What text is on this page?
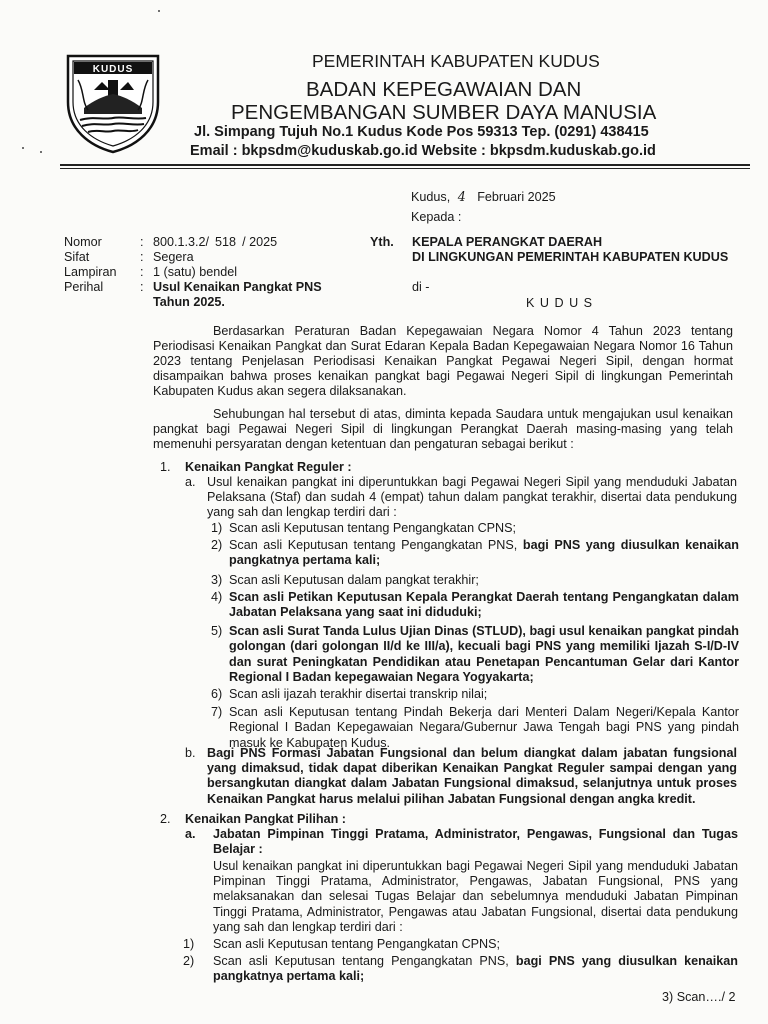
KUDUS	PEMERINTAH KABUPATEN KUDUS
BADAN KEPEGAWAIAN DAN
PENGEMBANGAN SUMBER DAYA MANUSIA
Jl. Simpang Tujuh No.1 Kudus Kode Pos 59313 Tep. (0291) 438415
Email : bkpsdm@kuduskab.go.id Website : bkpsdm.kuduskab.go.id
Kudus, 4 Februari 2025
Kepada :
Nomor	: 800.1.3.2/  518  / 2025
Sifat	: Segera
Lampiran : 1 (satu) bendel
Perihal	: Usul Kenaikan Pangkat PNS
Tahun 2025.
Yth. KEPALA PERANGKAT DAERAH
DI LINGKUNGAN PEMERINTAH KABUPATEN KUDUS
di -
K U D U S
Berdasarkan Peraturan Badan Kepegawaian Negara Nomor 4 Tahun 2023 tentang
Periodisasi Kenaikan Pangkat dan Surat Edaran Kepala Badan Kepegawaian Negara Nomor 16 Tahun
2023 tentang Penjelasan Periodisasi Kenaikan Pangkat Pegawai Negeri Sipil, dengan hormat
disampaikan bahwa proses kenaikan pangkat bagi Pegawai Negeri Sipil di lingkungan Pemerintah
Kabupaten Kudus akan segera dilaksanakan.
Sehubungan hal tersebut di atas, diminta kepada Saudara untuk mengajukan usul kenaikan
pangkat bagi Pegawai Negeri Sipil di lingkungan Perangkat Daerah masing-masing yang telah
memenuhi persyaratan dengan ketentuan dan pengaturan sebagai berikut :
1. Kenaikan Pangkat Reguler :
a. Usul kenaikan pangkat ini diperuntukkan bagi Pegawai Negeri Sipil yang menduduki Jabatan
Pelaksana (Staf) dan sudah 4 (empat) tahun dalam pangkat terakhir, disertai data pendukung
yang sah dan lengkap terdiri dari :
1) Scan asli Keputusan tentang Pengangkatan CPNS;
2) Scan asli Keputusan tentang Pengangkatan PNS, bagi PNS yang diusulkan kenaikan
pangkatnya pertama kali;
3) Scan asli Keputusan dalam pangkat terakhir;
4) Scan asli Petikan Keputusan Kepala Perangkat Daerah tentang Pengangkatan dalam
Jabatan Pelaksana yang saat ini diduduki;
5) Scan asli Surat Tanda Lulus Ujian Dinas (STLUD), bagi usul kenaikan pangkat pindah
golongan (dari golongan II/d ke III/a), kecuali bagi PNS yang memiliki Ijazah S-I/D-IV
dan surat Peningkatan Pendidikan atau Penetapan Pencantuman Gelar dari Kantor
Regional I Badan kepegawaian Negara Yogyakarta;
6) Scan asli ijazah terakhir disertai transkrip nilai;
7) Scan asli Keputusan tentang Pindah Bekerja dari Menteri Dalam Negeri/Kepala Kantor
Regional I Badan Kepegawaian Negara/Gubernur Jawa Tengah bagi PNS yang pindah
masuk ke Kabupaten Kudus.
b. Bagi PNS Formasi Jabatan Fungsional dan belum diangkat dalam jabatan fungsional
yang dimaksud, tidak dapat diberikan Kenaikan Pangkat Reguler sampai dengan yang
bersangkutan diangkat dalam Jabatan Fungsional dimaksud, selanjutnya untuk proses
Kenaikan Pangkat harus melalui pilihan Jabatan Fungsional dengan angka kredit.
2. Kenaikan Pangkat Pilihan :
a. Jabatan Pimpinan Tinggi Pratama, Administrator, Pengawas, Fungsional dan Tugas
Belajar :
Usul kenaikan pangkat ini diperuntukkan bagi Pegawai Negeri Sipil yang menduduki Jabatan
Pimpinan Tinggi Pratama, Administrator, Pengawas, Jabatan Fungsional, PNS yang
melaksanakan dan selesai Tugas Belajar dan sebelumnya menduduki Jabatan Pimpinan
Tinggi Pratama, Administrator, Pengawas atau Jabatan Fungsional, disertai data pendukung
yang sah dan lengkap terdiri dari :
1) Scan asli Keputusan tentang Pengangkatan CPNS;
2) Scan asli Keputusan tentang Pengangkatan PNS, bagi PNS yang diusulkan kenaikan
pangkatnya pertama kali;
3) Scan…./ 2
